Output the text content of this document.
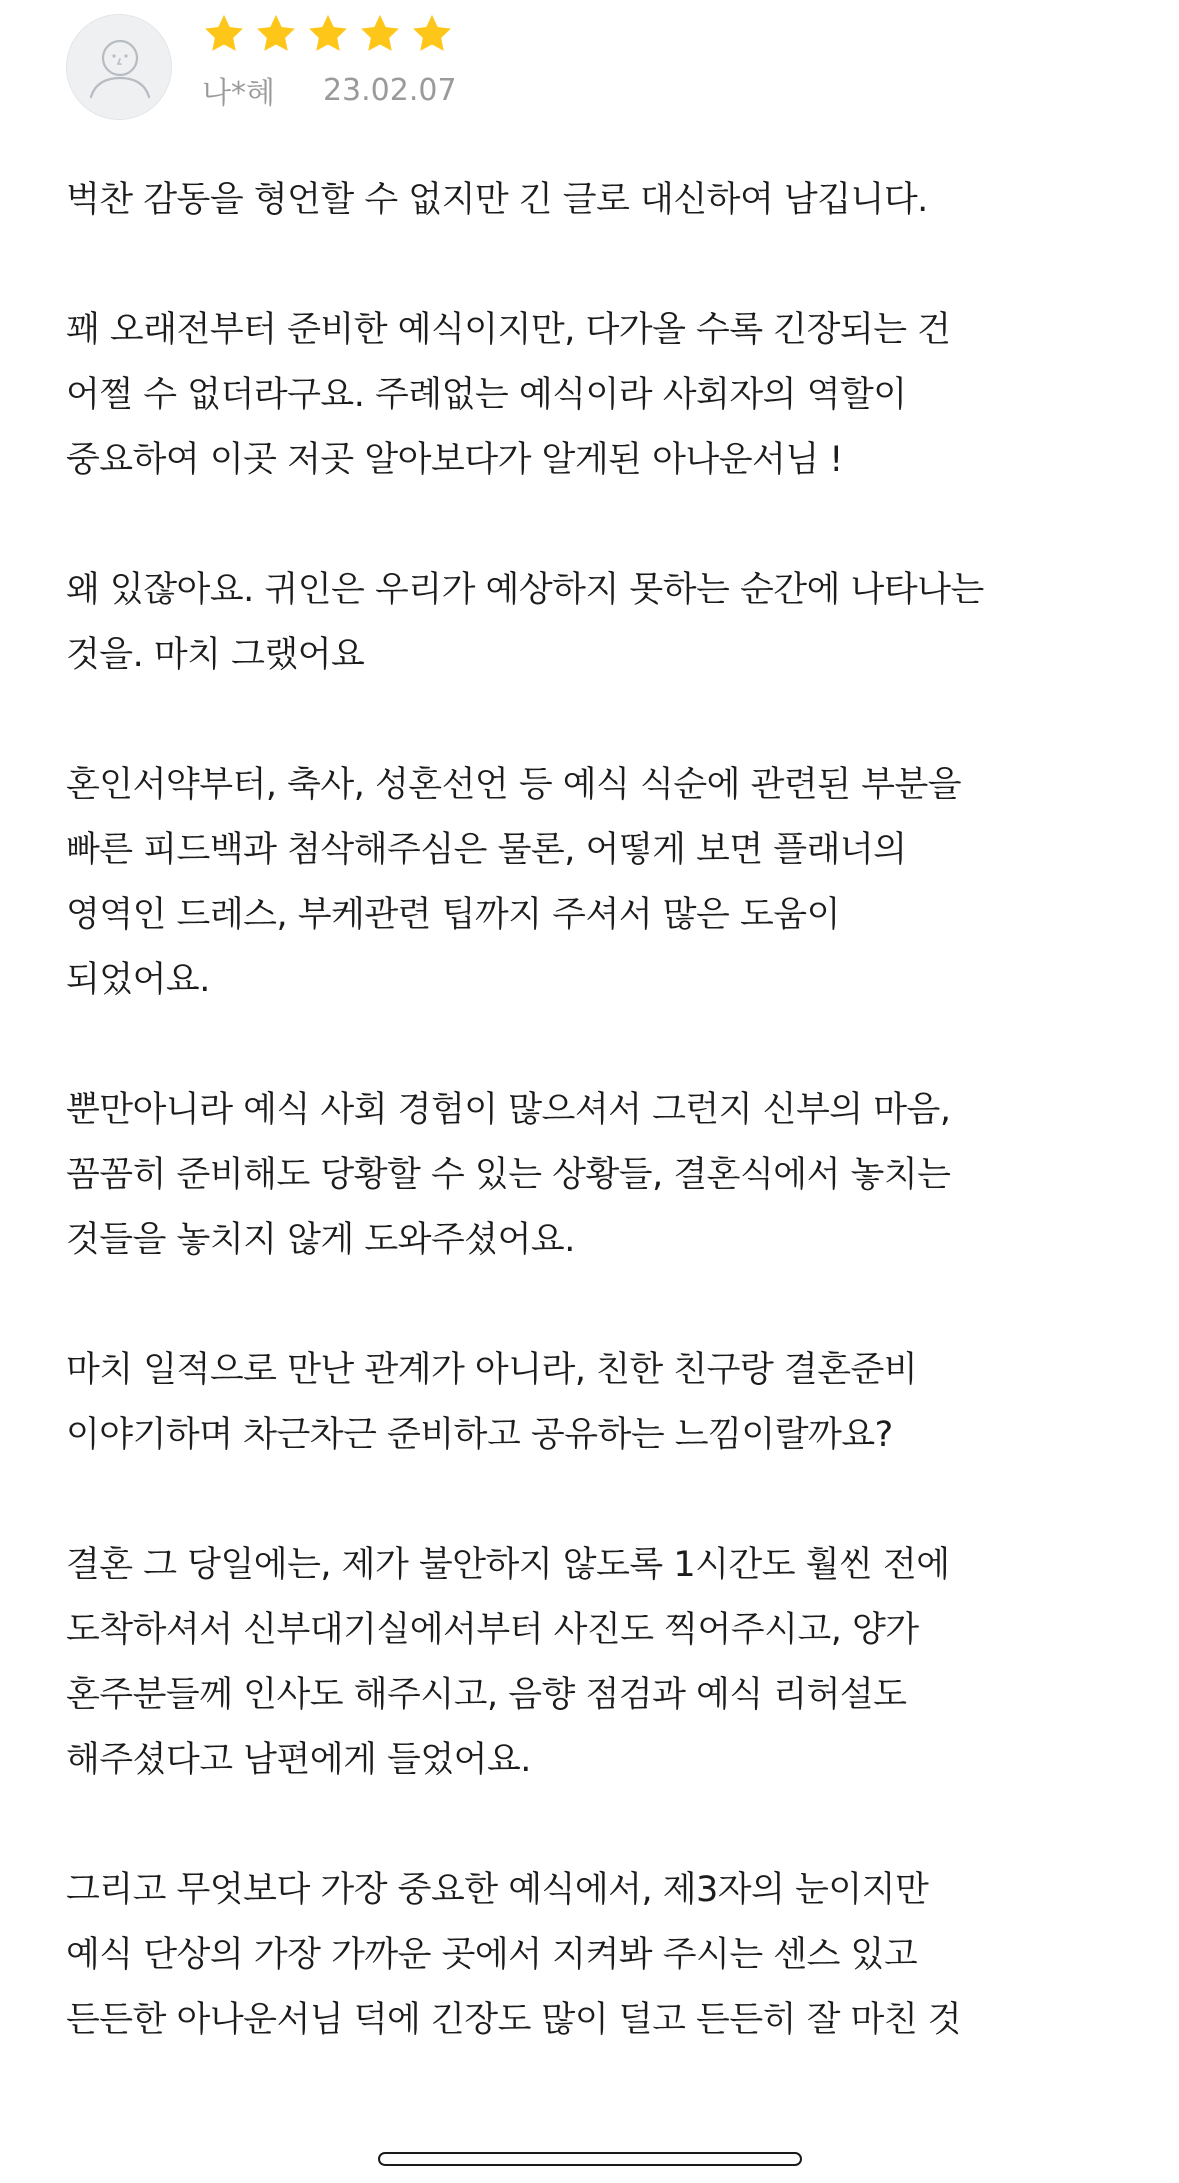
나*혜 23.02.07
벅찬 감동을 형언할 수 없지만 긴 글로 대신하여 남깁니다.
꽤 오래전부터 준비한 예식이지만, 다가올 수록 긴장되는 건
어쩔 수 없더라구요. 주례없는 예식이라 사회자의 역할이
중요하여 이곳 저곳 알아보다가 알게된 아나운서님 !
왜 있잖아요. 귀인은 우리가 예상하지 못하는 순간에 나타나는
것을. 마치 그랬어요
혼인서약부터, 축사, 성혼선언 등 예식 식순에 관련된 부분을
빠른 피드백과 첨삭해주심은 물론, 어떻게 보면 플래너의
영역인 드레스, 부케관련 팁까지 주셔서 많은 도움이
되었어요.
뿐만아니라 예식 사회 경험이 많으셔서 그런지 신부의 마음,
꼼꼼히 준비해도 당황할 수 있는 상황들, 결혼식에서 놓치는
것들을 놓치지 않게 도와주셨어요.
마치 일적으로 만난 관계가 아니라, 친한 친구랑 결혼준비
이야기하며 차근차근 준비하고 공유하는 느낌이랄까요?
결혼 그 당일에는, 제가 불안하지 않도록 1시간도 훨씬 전에
도착하셔서 신부대기실에서부터 사진도 찍어주시고, 양가
혼주분들께 인사도 해주시고, 음향 점검과 예식 리허설도
해주셨다고 남편에게 들었어요.
그리고 무엇보다 가장 중요한 예식에서, 제3자의 눈이지만
예식 단상의 가장 가까운 곳에서 지켜봐 주시는 센스 있고
든든한 아나운서님 덕에 긴장도 많이 덜고 든든히 잘 마친 것
